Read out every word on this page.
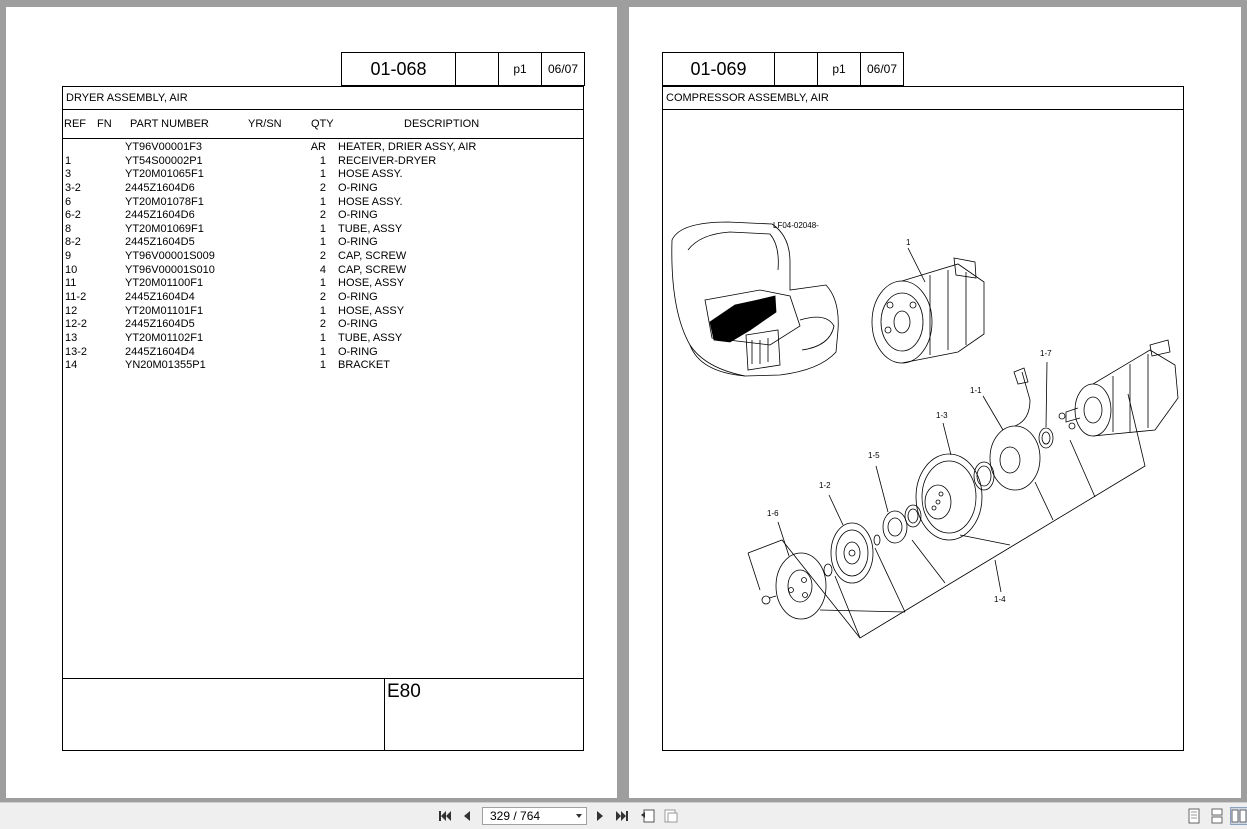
01-068		p1	06/07
DRYER ASSEMBLY, AIR
REF FN PART NUMBER	YR/SN	QTY	DESCRIPTION
YT96V00001F3	AR HEATER, DRIER ASSY, AIR
1	YT54S00002P1	1 RECEIVER-DRYER
3	YT20M01065F1	1 HOSE ASSY.
3-2	2445Z1604D6	2 O-RING
6	YT20M01078F1	1 HOSE ASSY.
6-2	2445Z1604D6	2 O-RING
8	YT20M01069F1	1 TUBE, ASSY
8-2	2445Z1604D5	1 O-RING
9	YT96V00001S009	2 CAP, SCREW
10	YT96V00001S010	4 CAP, SCREW
11	YT20M01100F1	1 HOSE, ASSY
11-2	2445Z1604D4	2 O-RING
12	YT20M01101F1	1 HOSE, ASSY
12-2	2445Z1604D5	2 O-RING
13	YT20M01102F1	1 TUBE, ASSY
13-2	2445Z1604D4	1 O-RING
14	YN20M01355P1	1 BRACKET
E80
01-069		p1	06/07
COMPRESSOR ASSEMBLY, AIR
LF04-02048-
1
1-1
1-2
1-3
1-4
1-5
1-6
1-7
329 / 764
